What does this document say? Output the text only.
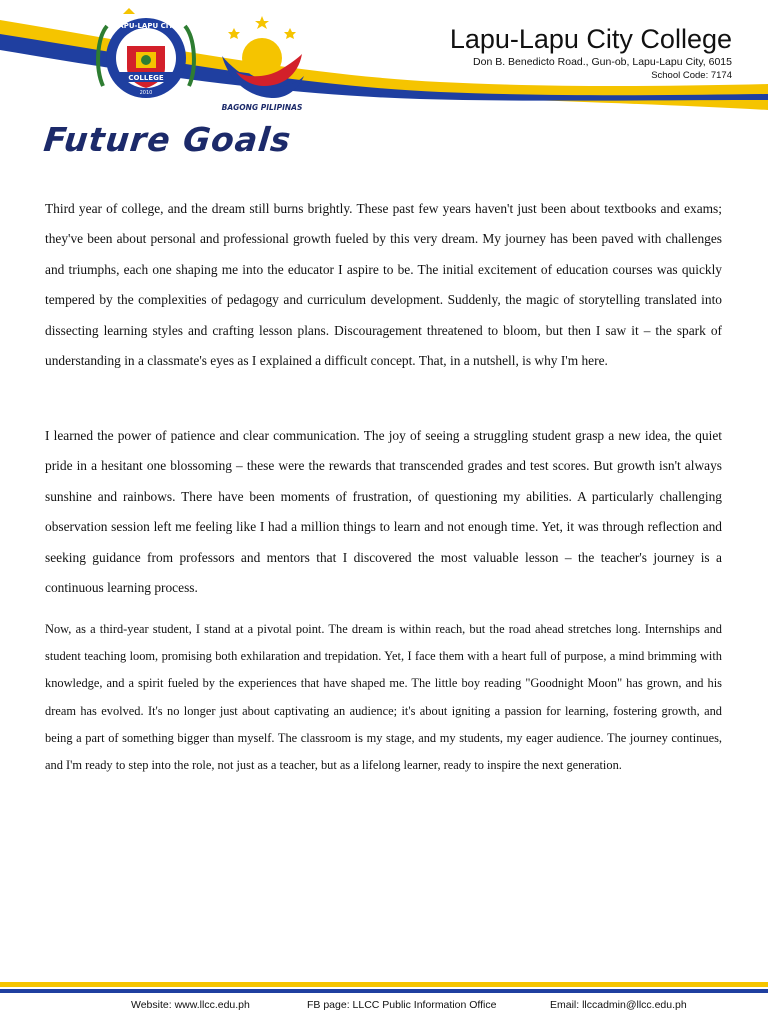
LAPU-LAPU CITY
COLLEGE
2010
BAGONG PILIPINAS
Lapu-Lapu City College
Don B. Benedicto Road., Gun-ob, Lapu-Lapu City, 6015
School Code: 7174
Future Goals

Third year of college, and the dream still burns brightly. These past few years haven't just been about textbooks and exams; they've been about personal and professional growth fueled by this very dream. My journey has been paved with challenges and triumphs, each one shaping me into the educator I aspire to be. The initial excitement of education courses was quickly tempered by the complexities of pedagogy and curriculum development. Suddenly, the magic of storytelling translated into dissecting learning styles and crafting lesson plans. Discouragement threatened to bloom, but then I saw it – the spark of understanding in a classmate's eyes as I explained a difficult concept. That, in a nutshell, is why I'm here.

I learned the power of patience and clear communication. The joy of seeing a struggling student grasp a new idea, the quiet pride in a hesitant one blossoming – these were the rewards that transcended grades and test scores. But growth isn't always sunshine and rainbows. There have been moments of frustration, of questioning my abilities. A particularly challenging observation session left me feeling like I had a million things to learn and not enough time. Yet, it was through reflection and seeking guidance from professors and mentors that I discovered the most valuable lesson – the teacher's journey is a continuous learning process.

Now, as a third-year student, I stand at a pivotal point. The dream is within reach, but the road ahead stretches long. Internships and student teaching loom, promising both exhilaration and trepidation. Yet, I face them with a heart full of purpose, a mind brimming with knowledge, and a spirit fueled by the experiences that have shaped me. The little boy reading "Goodnight Moon" has grown, and his dream has evolved. It's no longer just about captivating an audience; it's about igniting a passion for learning, fostering growth, and being a part of something bigger than myself. The classroom is my stage, and my students, my eager audience. The journey continues, and I'm ready to step into the role, not just as a teacher, but as a lifelong learner, ready to inspire the next generation.

Website: www.llcc.edu.ph	FB page: LLCC Public Information Office	Email: llccadmin@llcc.edu.ph
